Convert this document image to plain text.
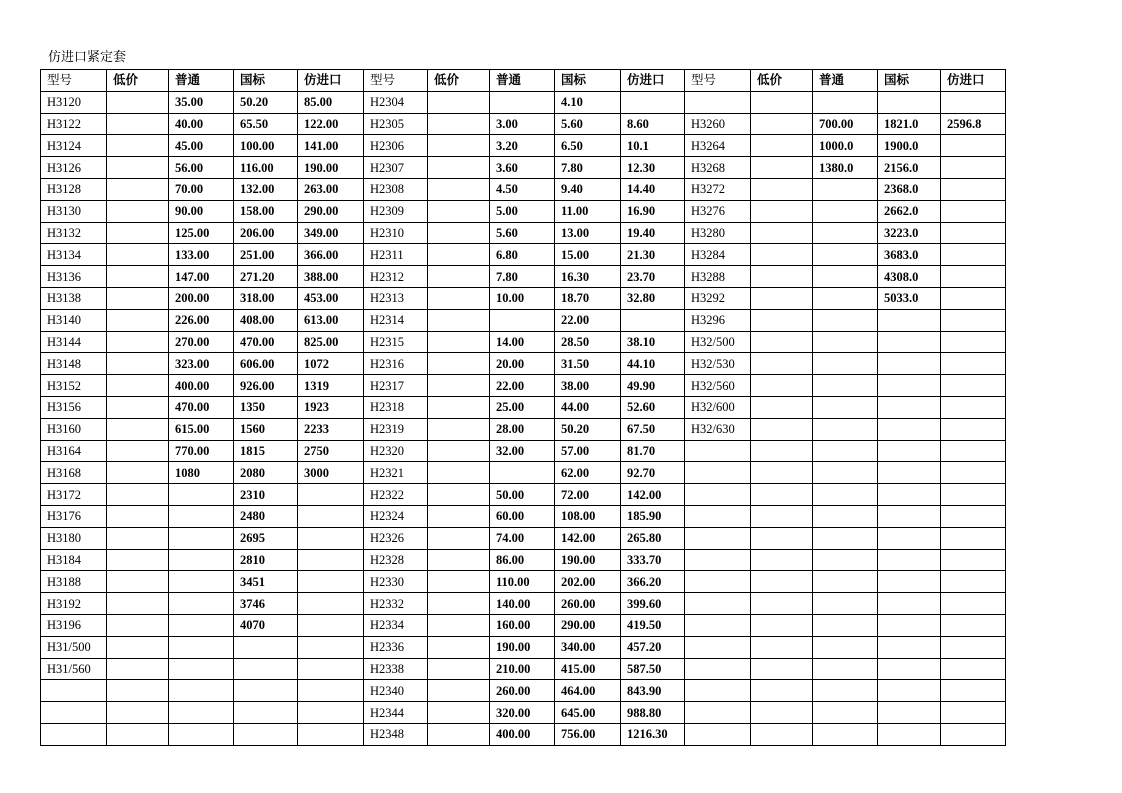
仿进口紧定套
型号	低价	普通	国标	仿进口	型号	低价	普通	国标	仿进口	型号	低价	普通	国标	仿进口
H3120		35.00	50.20	85.00	H2304			4.10						
H3122		40.00	65.50	122.00	H2305		3.00	5.60	8.60	H3260		700.00	1821.0	2596.8
H3124		45.00	100.00	141.00	H2306		3.20	6.50	10.1	H3264		1000.0	1900.0	
H3126		56.00	116.00	190.00	H2307		3.60	7.80	12.30	H3268		1380.0	2156.0	
H3128		70.00	132.00	263.00	H2308		4.50	9.40	14.40	H3272			2368.0	
H3130		90.00	158.00	290.00	H2309		5.00	11.00	16.90	H3276			2662.0	
H3132		125.00	206.00	349.00	H2310		5.60	13.00	19.40	H3280			3223.0	
H3134		133.00	251.00	366.00	H2311		6.80	15.00	21.30	H3284			3683.0	
H3136		147.00	271.20	388.00	H2312		7.80	16.30	23.70	H3288			4308.0	
H3138		200.00	318.00	453.00	H2313		10.00	18.70	32.80	H3292			5033.0	
H3140		226.00	408.00	613.00	H2314			22.00		H3296				
H3144		270.00	470.00	825.00	H2315		14.00	28.50	38.10	H32/500				
H3148		323.00	606.00	1072	H2316		20.00	31.50	44.10	H32/530				
H3152		400.00	926.00	1319	H2317		22.00	38.00	49.90	H32/560				
H3156		470.00	1350	1923	H2318		25.00	44.00	52.60	H32/600				
H3160		615.00	1560	2233	H2319		28.00	50.20	67.50	H32/630				
H3164		770.00	1815	2750	H2320		32.00	57.00	81.70					
H3168		1080	2080	3000	H2321			62.00	92.70					
H3172			2310		H2322		50.00	72.00	142.00					
H3176			2480		H2324		60.00	108.00	185.90					
H3180			2695		H2326		74.00	142.00	265.80					
H3184			2810		H2328		86.00	190.00	333.70					
H3188			3451		H2330		110.00	202.00	366.20					
H3192			3746		H2332		140.00	260.00	399.60					
H3196			4070		H2334		160.00	290.00	419.50					
H31/500					H2336		190.00	340.00	457.20					
H31/560					H2338		210.00	415.00	587.50					
					H2340		260.00	464.00	843.90					
					H2344		320.00	645.00	988.80					
					H2348		400.00	756.00	1216.30					
